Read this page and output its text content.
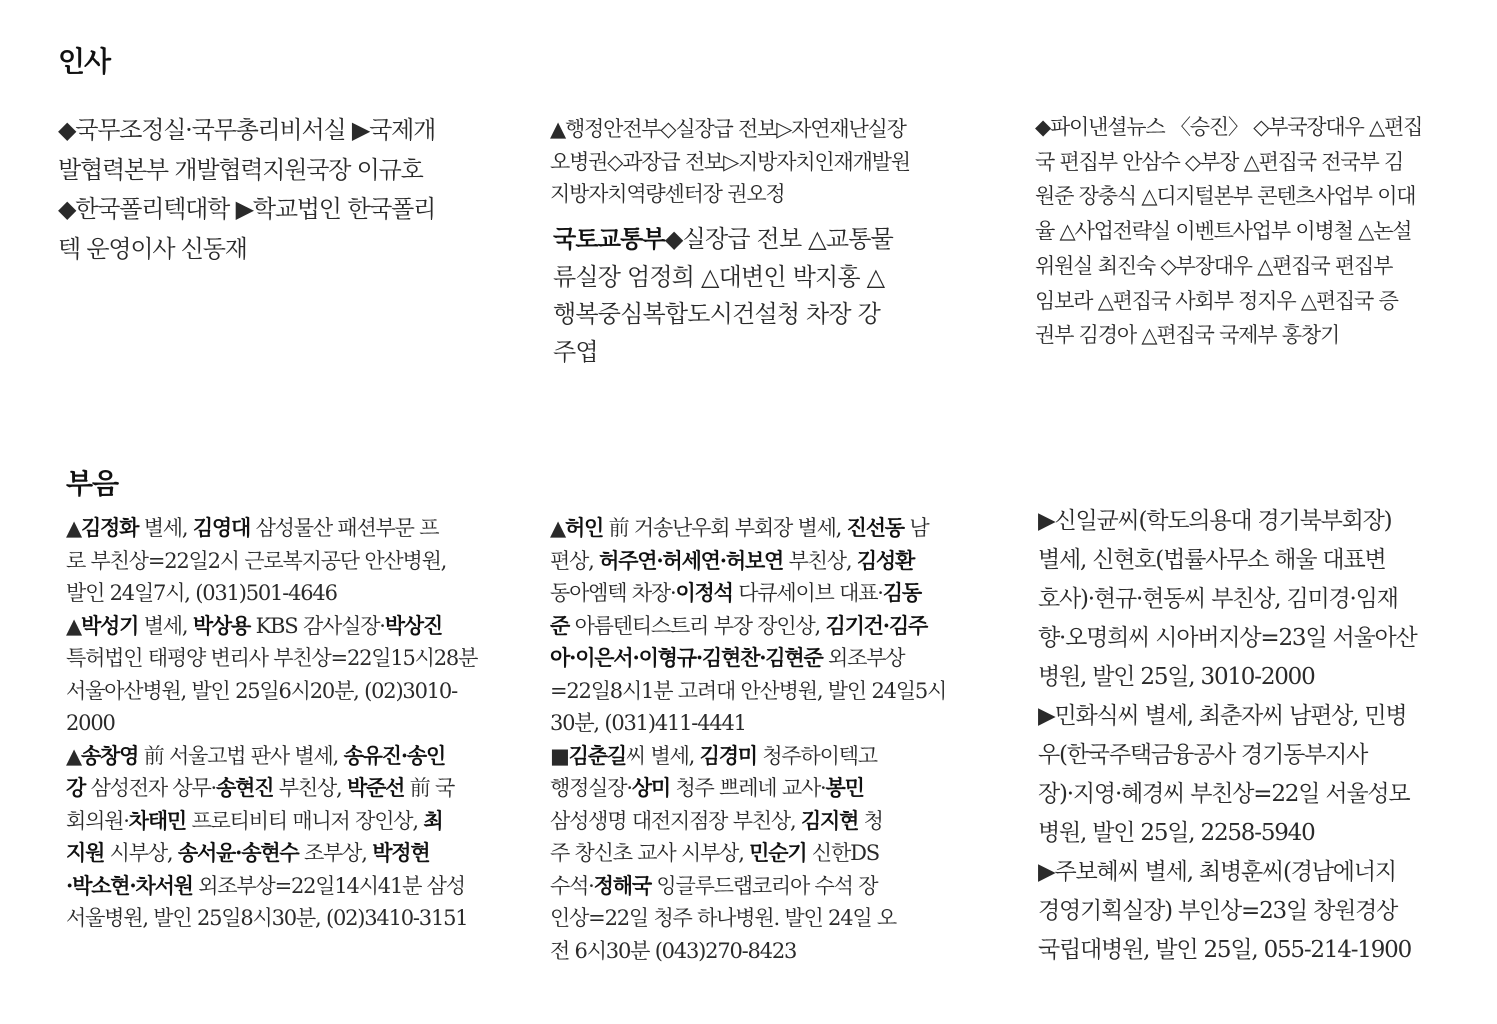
인사
부음
◆국무조정실·국무총리비서실 ▶국제개
발협력본부 개발협력지원국장 이규호
◆한국폴리텍대학 ▶학교법인 한국폴리
텍 운영이사 신동재
▲행정안전부◇실장급 전보▷자연재난실장
오병권◇과장급 전보▷지방자치인재개발원
지방자치역량센터장 권오정
국토교통부◆실장급 전보 △교통물
류실장 엄정희 △대변인 박지홍 △
행복중심복합도시건설청 차장 강
주엽
◆파이낸셜뉴스 〈승진〉 ◇부국장대우 △편집
국 편집부 안삼수 ◇부장 △편집국 전국부 김
원준 장충식 △디지털본부 콘텐츠사업부 이대
율 △사업전략실 이벤트사업부 이병철 △논설
위원실 최진숙 ◇부장대우 △편집국 편집부
임보라 △편집국 사회부 정지우 △편집국 증
권부 김경아 △편집국 국제부 홍창기
▲김정화 별세, 김영대 삼성물산 패션부문 프
로 부친상=22일2시 근로복지공단 안산병원,
발인 24일7시, (031)501-4646
▲박성기 별세, 박상용 KBS 감사실장·박상진
특허법인 태평양 변리사 부친상=22일15시28분
서울아산병원, 발인 25일6시20분, (02)3010-
2000
▲송창영 前 서울고법 판사 별세, 송유진·송인
강 삼성전자 상무·송현진 부친상, 박준선 前 국
회의원·차태민 프로티비티 매니저 장인상, 최
지원 시부상, 송서윤·송현수 조부상, 박정현
·박소현·차서원 외조부상=22일14시41분 삼성
서울병원, 발인 25일8시30분, (02)3410-3151
▲허인 前 거송난우회 부회장 별세, 진선동 남
편상, 허주연·허세연·허보연 부친상, 김성환
동아엠텍 차장·이정석 다큐세이브 대표·김동
준 아름텐티스트리 부장 장인상, 김기건·김주
아·이은서·이형규·김현찬·김현준 외조부상
=22일8시1분 고려대 안산병원, 발인 24일5시
30분, (031)411-4441
■김춘길씨 별세, 김경미 청주하이텍고
행정실장·상미 청주 쁘레네 교사·봉민
삼성생명 대전지점장 부친상, 김지현 청
주 창신초 교사 시부상, 민순기 신한DS
수석·정해국 잉글루드랩코리아 수석 장
인상=22일 청주 하나병원. 발인 24일 오
전 6시30분 (043)270-8423
▶신일균씨(학도의용대 경기북부회장)
별세, 신현호(법률사무소 해울 대표변
호사)·현규·현동씨 부친상, 김미경·임재
향·오명희씨 시아버지상=23일 서울아산
병원, 발인 25일, 3010-2000
▶민화식씨 별세, 최춘자씨 남편상, 민병
우(한국주택금융공사 경기동부지사
장)·지영·혜경씨 부친상=22일 서울성모
병원, 발인 25일, 2258-5940
▶주보혜씨 별세, 최병훈씨(경남에너지
경영기획실장) 부인상=23일 창원경상
국립대병원, 발인 25일, 055-214-1900
